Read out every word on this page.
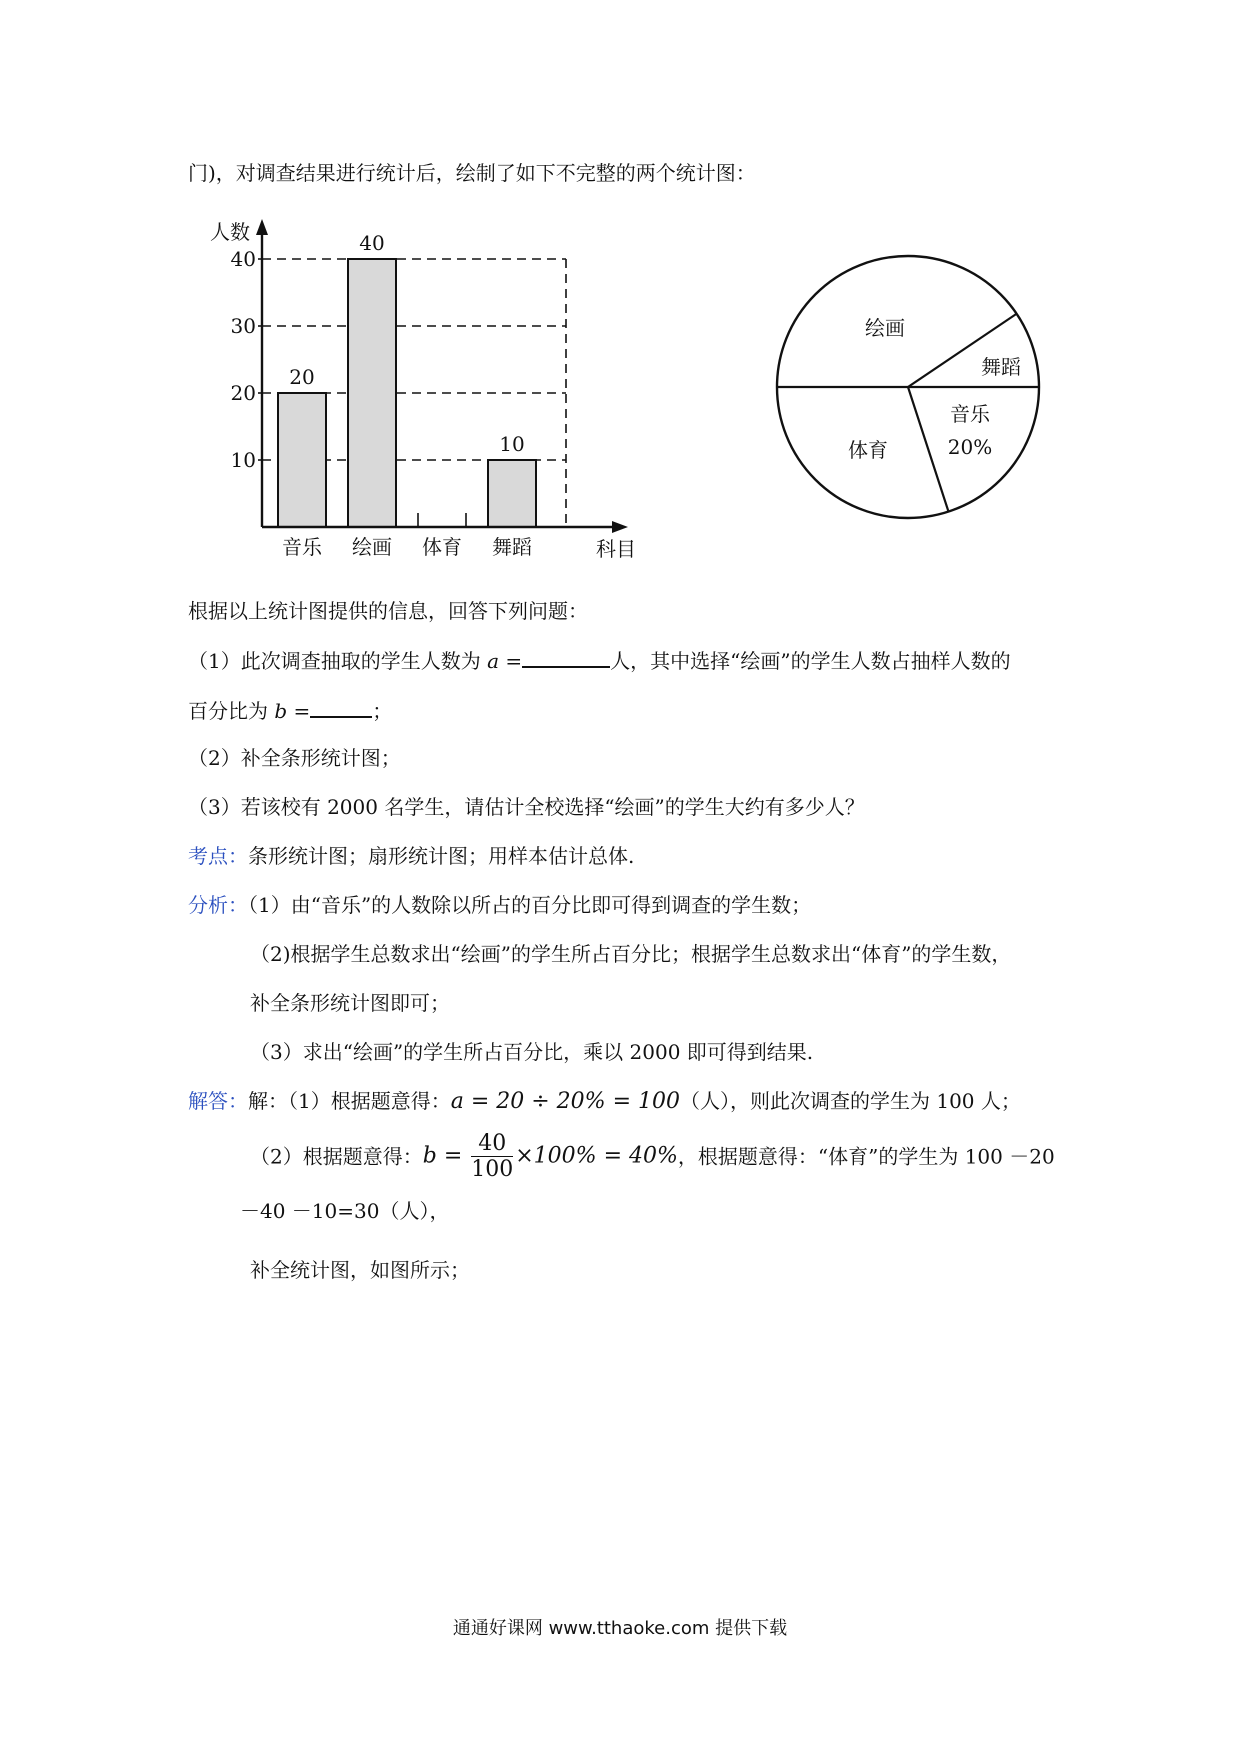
门)，对调查结果进行统计后，绘制了如下不完整的两个统计图：
10
20
30
40
20
音乐
40
绘画 体育
10
舞蹈
人数
科目
绘画
舞蹈
音乐
20%
体育
根据以上统计图提供的信息，回答下列问题：
（1）此次调查抽取的学生人数为 a =	人，其中选择“绘画”的学生人数占抽样人数的
百分比为 b =	；
（2）补全条形统计图；
（3）若该校有 2000 名学生，请估计全校选择“绘画”的学生大约有多少人？
考点：条形统计图；扇形统计图；用样本估计总体.
分析：（1）由“音乐”的人数除以所占的百分比即可得到调查的学生数；
（2)根据学生总数求出“绘画”的学生所占百分比；根据学生总数求出“体育”的学生数，
补全条形统计图即可；
（3）求出“绘画”的学生所占百分比，乘以 2000 即可得到结果.
解答：解：（1）根据题意得：a = 20 ÷ 20% = 100（人），则此次调查的学生为 100 人；
（2）根据题意得：$b = \frac{40}{100} \times 100\% = 40\%$，根据题意得：“体育”的学生为 100 －20
－40 －10=30（人），
补全统计图，如图所示；
通通好课网 www.tthaoke.com 提供下载
